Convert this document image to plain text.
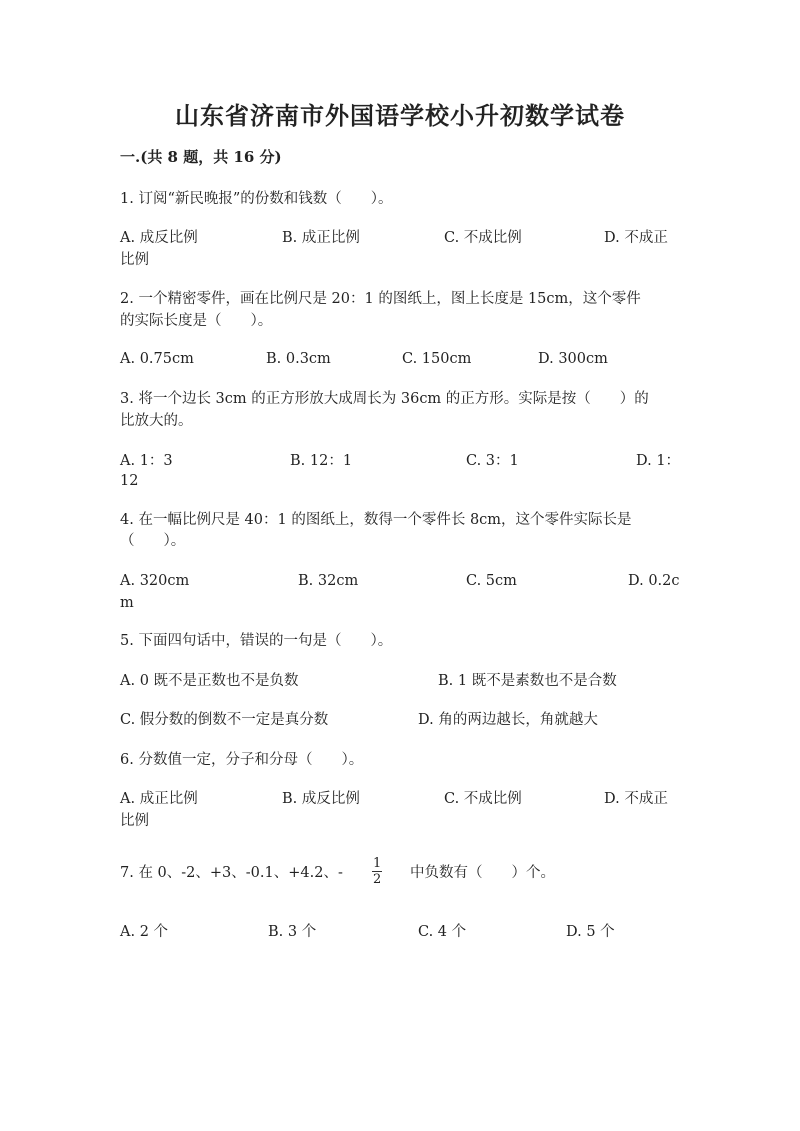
山东省济南市外国语学校小升初数学试卷
一.(共 8 题，共 16 分)
1. 订阅“新民晚报”的份数和钱数（　　）。
A. 成反比例	B. 成正比例	C. 不成比例	D. 不成正
比例
2. 一个精密零件，画在比例尺是 20：1 的图纸上，图上长度是 15cm，这个零件
的实际长度是（　　）。
A. 0.75cm	B. 0.3cm	C. 150cm	D. 300cm
3. 将一个边长 3cm 的正方形放大成周长为 36cm 的正方形。实际是按（　　）的
比放大的。
A. 1：3	B. 12：1	C. 3：1	D. 1：
12
4. 在一幅比例尺是 40：1 的图纸上，数得一个零件长 8cm，这个零件实际长是
（　　）。
A. 320cm	B. 32cm	C. 5cm	D. 0.2c
m
5. 下面四句话中，错误的一句是（　　）。
A. 0 既不是正数也不是负数	B. 1 既不是素数也不是合数
C. 假分数的倒数不一定是真分数	D. 角的两边越长，角就越大
6. 分数值一定，分子和分母（　　）。
A. 成正比例	B. 成反比例	C. 不成比例	D. 不成正
比例
7. 在 0、-2、+3、-0.1、+4.2、- $\frac{1}{2}$ 中负数有（　　）个。
A. 2 个	B. 3 个	C. 4 个	D. 5 个
